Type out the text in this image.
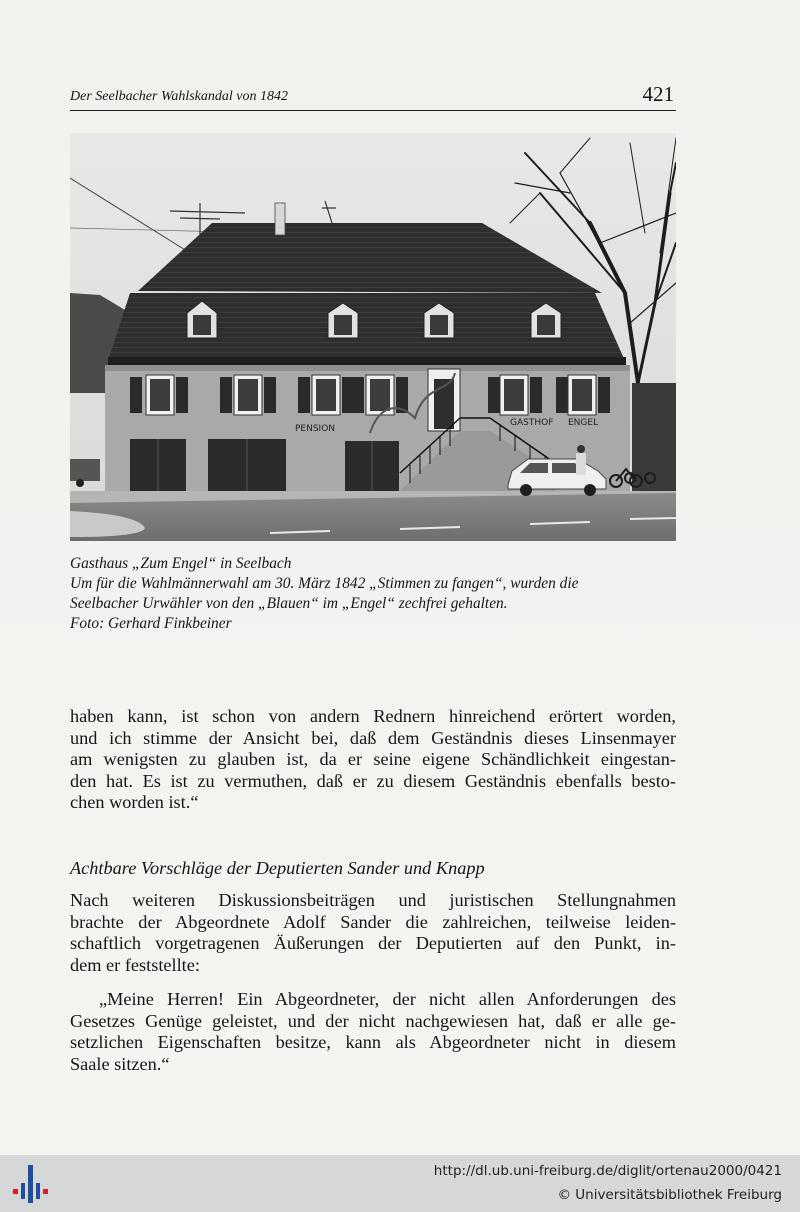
Der Seelbacher Wahlskandal von 1842	421
PENSION
GASTHOF ENGEL
Gasthaus „Zum Engel“ in Seelbach
Um für die Wahlmännerwahl am 30. März 1842 „Stimmen zu fangen“, wurden die
Seelbacher Urwähler von den „Blauen“ im „Engel“ zechfrei gehalten.
Foto: Gerhard Finkbeiner
haben kann, ist schon von andern Rednern hinreichend erörtert worden,
und ich stimme der Ansicht bei, daß dem Geständnis dieses Linsenmayer
am wenigsten zu glauben ist, da er seine eigene Schändlichkeit eingestan-
den hat. Es ist zu vermuthen, daß er zu diesem Geständnis ebenfalls besto-
chen worden ist.“
Achtbare Vorschläge der Deputierten Sander und Knapp
Nach weiteren Diskussionsbeiträgen und juristischen Stellungnahmen
brachte der Abgeordnete Adolf Sander die zahlreichen, teilweise leiden-
schaftlich vorgetragenen Äußerungen der Deputierten auf den Punkt, in-
dem er feststellte:
„Meine Herren! Ein Abgeordneter, der nicht allen Anforderungen des
Gesetzes Genüge geleistet, und der nicht nachgewiesen hat, daß er alle ge-
setzlichen Eigenschaften besitze, kann als Abgeordneter nicht in diesem
Saale sitzen.“
http://dl.ub.uni-freiburg.de/diglit/ortenau2000/0421
© Universitätsbibliothek Freiburg
